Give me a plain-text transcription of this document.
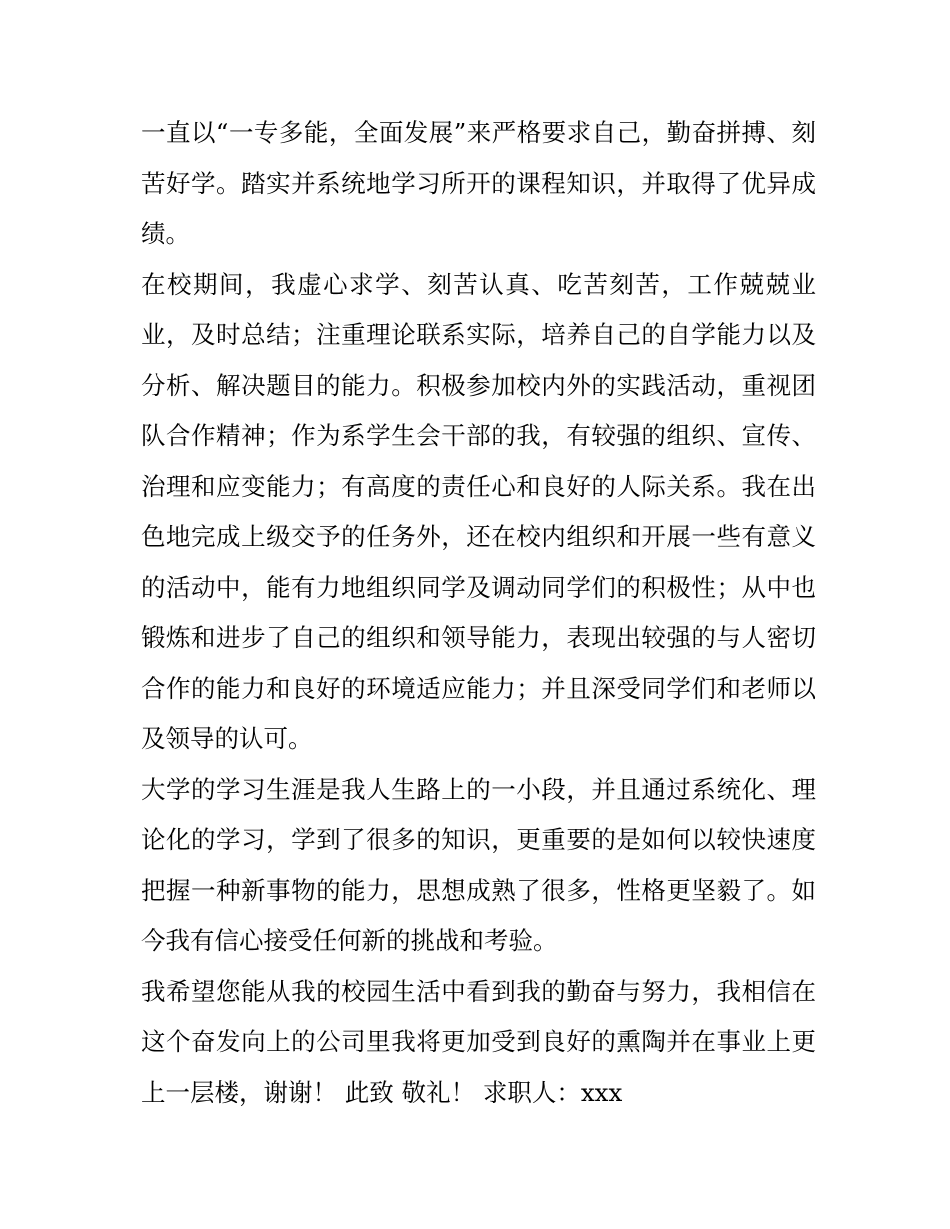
一直以“一专多能，全面发展”来严格要求自己，勤奋拼搏、刻苦好学。踏实并系统地学习所开的课程知识，并取得了优异成绩。

在校期间，我虚心求学、刻苦认真、吃苦刻苦，工作兢兢业业，及时总结；注重理论联系实际，培养自己的自学能力以及分析、解决题目的能力。积极参加校内外的实践活动，重视团队合作精神；作为系学生会干部的我，有较强的组织、宣传、治理和应变能力；有高度的责任心和良好的人际关系。我在出色地完成上级交予的任务外，还在校内组织和开展一些有意义的活动中，能有力地组织同学及调动同学们的积极性；从中也锻炼和进步了自己的组织和领导能力，表现出较强的与人密切合作的能力和良好的环境适应能力；并且深受同学们和老师以及领导的认可。

大学的学习生涯是我人生路上的一小段，并且通过系统化、理论化的学习，学到了很多的知识，更重要的是如何以较快速度把握一种新事物的能力，思想成熟了很多，性格更坚毅了。如今我有信心接受任何新的挑战和考验。

我希望您能从我的校园生活中看到我的勤奋与努力，我相信在这个奋发向上的公司里我将更加受到良好的熏陶并在事业上更上一层楼，谢谢！ 此致 敬礼！ 求职人：xxx
